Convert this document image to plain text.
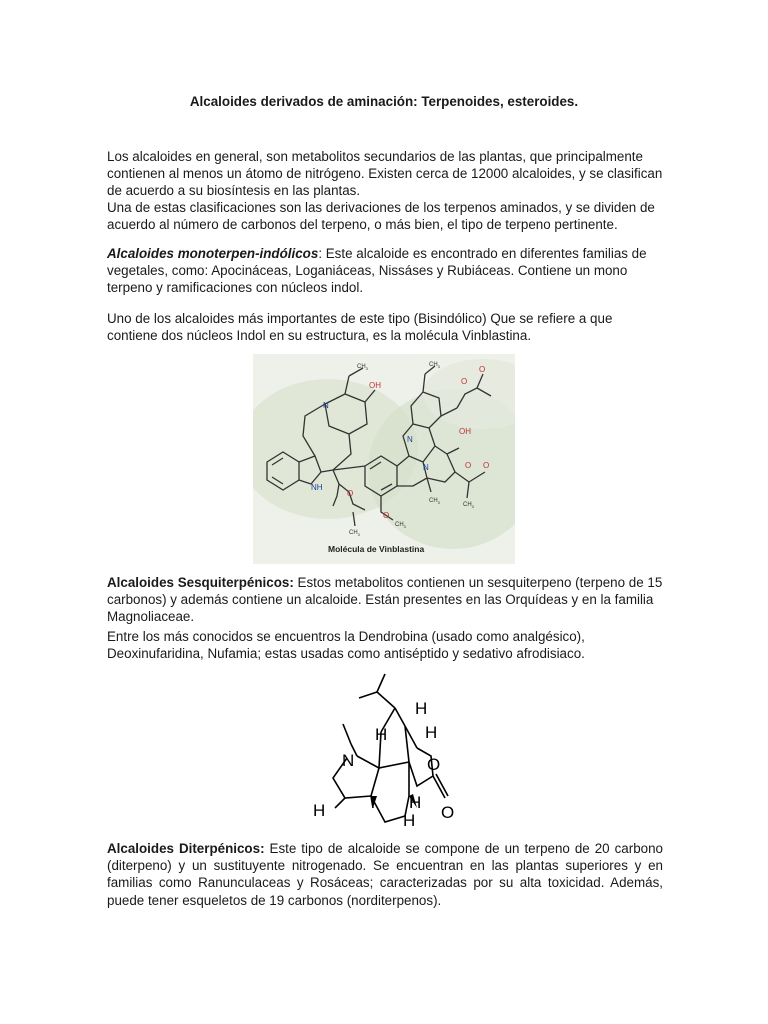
Alcaloides derivados de aminación: Terpenoides, esteroides.

Los alcaloides en general, son metabolitos secundarios de las plantas, que principalmente contienen al menos un átomo de nitrógeno. Existen cerca de 12000 alcaloides, y se clasifican de acuerdo a su biosíntesis en las plantas.

Una de estas clasificaciones son las derivaciones de los terpenos aminados, y se dividen de acuerdo al número de carbonos del terpeno, o más bien, el tipo de terpeno pertinente.

Alcaloides monoterpen-indólicos: Este alcaloide es encontrado en diferentes familias de vegetales, como: Apocináceas, Loganiáceas, Nissáses y Rubiáceas. Contiene un mono terpeno y ramificaciones con núcleos indol.

Uno de los alcaloides más importantes de este tipo (Bisindólico) Que se refiere a que contiene dos núcleos Indol en su estructura, es la molécula Vinblastina.

OH
OH
O
O
O
O
O O
N
N
N
NH
$CH_3$
$CH_3$
$CH_3$
$CH_3$
$CH_3$	$CH_3$
Molécula de Vinblastina

Alcaloides Sesquiterpénicos: Estos metabolitos contienen un sesquiterpeno (terpeno de 15 carbonos) y además contiene un alcaloide. Están presentes en las Orquídeas y en la familia Magnoliaceae.

Entre los más conocidos se encuentros la Dendrobina (usado como analgésico), Deoxinufaridina, Nufamia; estas usadas como antiséptido y sedativo afrodisiaco.

H
H H
N	O
O
H	H
H

Alcaloides Diterpénicos: Este tipo de alcaloide se compone de un terpeno de 20 carbono (diterpeno) y un sustituyente nitrogenado. Se encuentran en las plantas superiores y en familias como Ranunculaceas y Rosáceas; caracterizadas por su alta toxicidad. Además, puede tener esqueletos de 19 carbonos (norditerpenos).
